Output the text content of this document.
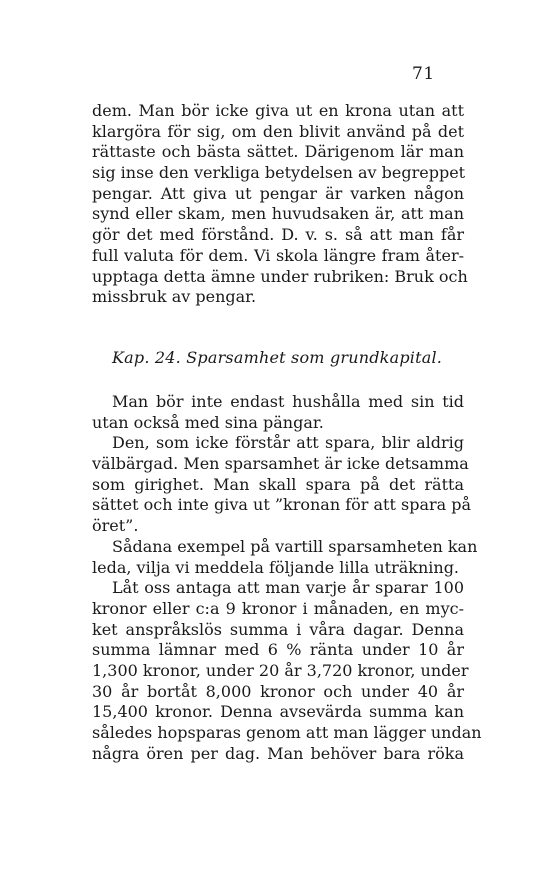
71
dem. Man bör icke giva ut en krona utan att
klargöra för sig, om den blivit använd på det
rättaste och bästa sättet. Därigenom lär man
sig inse den verkliga betydelsen av begreppet
pengar. Att giva ut pengar är varken någon
synd eller skam, men huvudsaken är, att man
gör det med förstånd. D. v. s. så att man får
full valuta för dem. Vi skola längre fram åter-
upptaga detta ämne under rubriken: Bruk och
missbruk av pengar.
Kap. 24. Sparsamhet som grundkapital.
Man bör inte endast hushålla med sin tid
utan också med sina pängar.
Den, som icke förstår att spara, blir aldrig
välbärgad. Men sparsamhet är icke detsamma
som girighet. Man skall spara på det rätta
sättet och inte giva ut ”kronan för att spara på
öret”.
Sådana exempel på vartill sparsamheten kan
leda, vilja vi meddela följande lilla uträkning.
Låt oss antaga att man varje år sparar 100
kronor eller c:a 9 kronor i månaden, en myc-
ket anspråkslös summa i våra dagar. Denna
summa lämnar med 6 % ränta under 10 år
1,300 kronor, under 20 år 3,720 kronor, under
30 år bortåt 8,000 kronor och under 40 år
15,400 kronor. Denna avsevärda summa kan
således hopsparas genom att man lägger undan
några ören per dag. Man behöver bara röka
